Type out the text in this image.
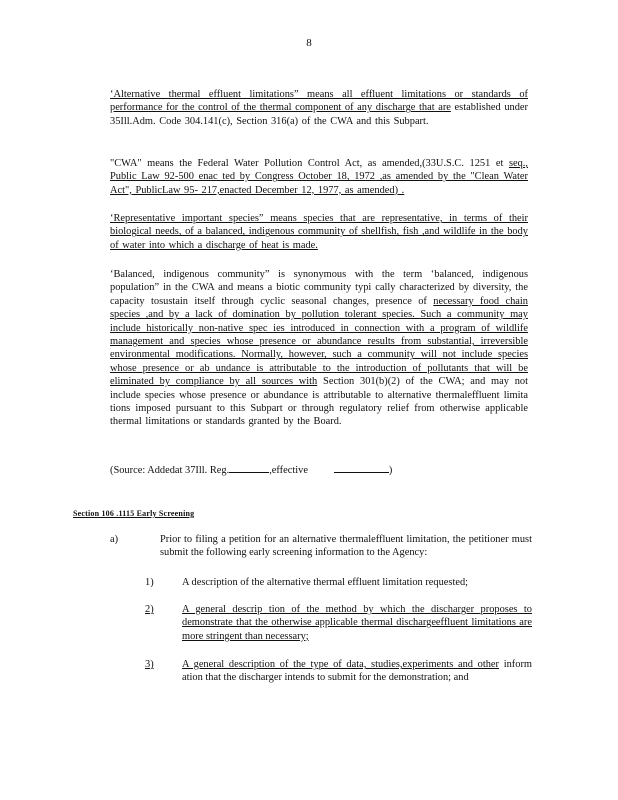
8
‘Alternative thermal effluent limitations” means all effluent limitations or standards of performance for the control of the thermal component of any discharge that are established under 35Ill.Adm. Code 304.141(c), Section 316(a) of the CWA and this Subpart.
"CWA" means the Federal Water Pollution Control Act, as amended,(33U.S.C. 1251 et seq., Public Law 92-500 enac ted by Congress October 18, 1972 ,as amended by the "Clean Water Act", PublicLaw 95- 217,enacted December 12, 1977, as amended) .
‘Representative important species” means species that are representative, in terms of their biological needs, of a balanced, indigenous community of shellfish, fish ,and wildlife in the body of water into which a discharge of heat is made.
‘Balanced, indigenous community” is synonymous with the term ‘balanced, indigenous population” in the CWA and means a biotic community typi cally characterized by diversity, the capacity tosustain itself through cyclic seasonal changes, presence of necessary food chain species ,and by a lack of domination by pollution tolerant species. Such a community may include historically non-native spec ies introduced in connection with a program of wildlife management and species whose presence or abundance results from substantial, irreversible environmental modifications. Normally, however, such a community will not include species whose presence or ab undance is attributable to the introduction of pollutants that will be eliminated by compliance by all sources with Section 301(b)(2) of the CWA; and may not include species whose presence or abundance is attributable to alternative thermaleffluent limita tions imposed pursuant to this Subpart or through regulatory relief from otherwise applicable thermal limitations or standards granted by the Board.
(Source: Addedat 37Ill. Reg.	,effective	)
Section 106 .1115 Early Screening
a)	Prior to filing a petition for an alternative thermaleffluent limitation, the petitioner must submit the following early screening information to the Agency:
1)	A description of the alternative thermal effluent limitation requested;
2)	A general descrip tion of the method by which the discharger proposes to demonstrate that the otherwise applicable thermal dischargeeffluent limitations are more stringent than necessary;
3)	A general description of the type of data, studies,experiments and other inform ation that the discharger intends to submit for the demonstration; and
